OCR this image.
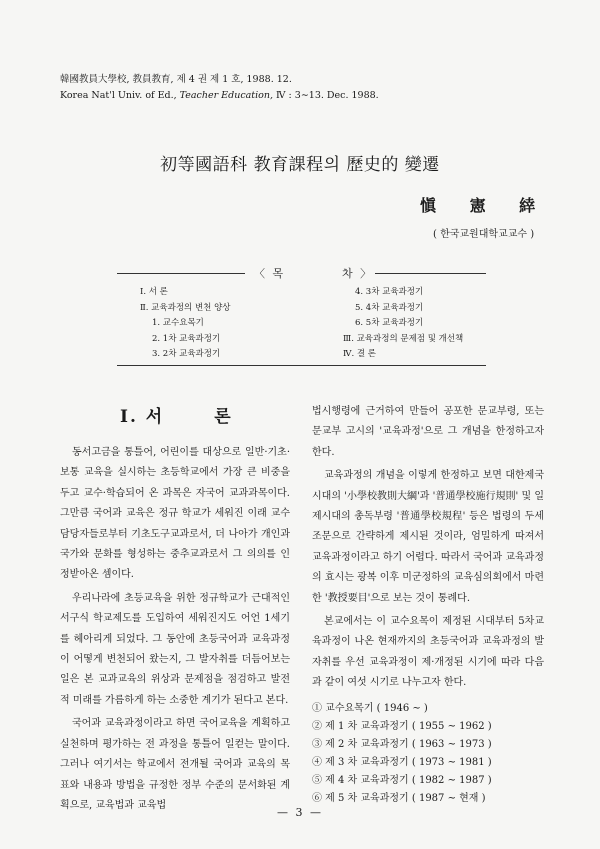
韓國教員大學校, 教員教育, 제 4 권 제 1 호, 1988. 12.
Korea Nat'l Univ. of Ed., Teacher Education, Ⅳ : 3∼13. Dec. 1988.
初等國語科 教育課程의 歷史的 變遷
愼 憲 緈
( 한국교원대학교교수 )
〈 목	차 〉
Ⅰ. 서 론
Ⅱ. 교육과정의 변천 양상
1. 교수요목기
2. 1차 교육과정기
3. 2차 교육과정기
4. 3차 교육과정기
5. 4차 교육과정기
6. 5차 교육과정기
Ⅲ. 교육과정의 문제점 및 개선책
Ⅳ. 결 론
Ⅰ. 서	론

동서고금을 통틀어, 어린이를 대상으로 일반·기초·보통 교육을 실시하는 초등학교에서 가장 큰 비중을 두고 교수·학습되어 온 과목은 자국어 교과과목이다. 그만큼 국어과 교육은 정규 학교가 세워진 이래 교수담당자들로부터 기초도구교과로서, 더 나아가 개인과 국가와 문화를 형성하는 중추교과로서 그 의의를 인정받아온 셈이다.

우리나라에 초등교육을 위한 정규학교가 근대적인 서구식 학교제도를 도입하여 세워진지도 어언 1세기를 헤아리게 되었다. 그 동안에 초등국어과 교육과정이 어떻게 변천되어 왔는지, 그 발자취를 더듬어보는 일은 본 교과교육의 위상과 문제점을 점검하고 발전적 미래를 가름하게 하는 소중한 계기가 된다고 본다.

국어과 교육과정이라고 하면 국어교육을 계획하고 실천하며 평가하는 전 과정을 통틀어 일컫는 말이다. 그러나 여기서는 학교에서 전개될 국어과 교육의 목표와 내용과 방법을 규정한 정부 수준의 문서화된 계획으로, 교육법과 교육법

법시행령에 근거하여 만들어 공포한 문교부령, 또는 문교부 고시의 '교육과정'으로 그 개념을 한정하고자 한다.

교육과정의 개념을 이렇게 한정하고 보면 대한제국시대의 '小學校教則大綱'과 '普通學校施行規則' 및 일제시대의 총독부령 '普通學校規程' 등은 법령의 두세 조문으로 간략하게 제시된 것이라, 엄밀하게 따져서 교육과정이라고 하기 어렵다. 따라서 국어과 교육과정의 효시는 광복 이후 미군정하의 교육심의회에서 마련한 '教授要目'으로 보는 것이 통례다.

본교에서는 이 교수요목이 제정된 시대부터 5차교육과정이 나온 현재까지의 초등국어과 교육과정의 발자취를 우선 교육과정이 제·개정된 시기에 따라 다음과 같이 여섯 시기로 나누고자 한다.

① 교수요목기 ( 1946 ∼ )
② 제 1 차 교육과정기 ( 1955 ∼ 1962 )
③ 제 2 차 교육과정기 ( 1963 ∼ 1973 )
④ 제 3 차 교육과정기 ( 1973 ∼ 1981 )
⑤ 제 4 차 교육과정기 ( 1982 ∼ 1987 )
⑥ 제 5 차 교육과정기 ( 1987 ∼ 현재 )
— 3 —
